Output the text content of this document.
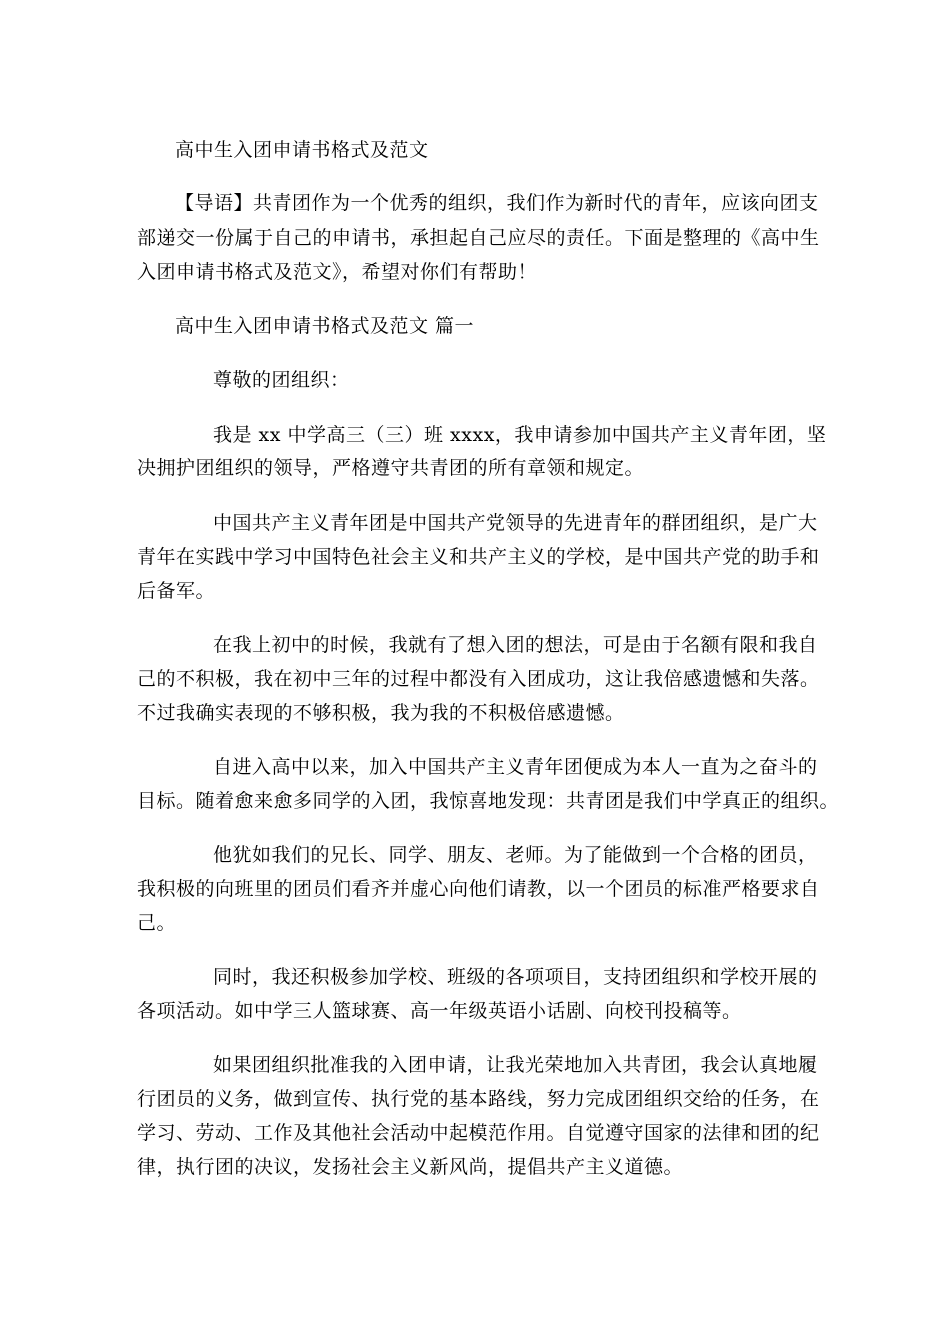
高中生入团申请书格式及范文
【导语】共青团作为一个优秀的组织，我们作为新时代的青年，应该向团支
部递交一份属于自己的申请书，承担起自己应尽的责任。下面是整理的《高中生
入团申请书格式及范文》，希望对你们有帮助！
高中生入团申请书格式及范文 篇一
尊敬的团组织：
我是 xx 中学高三（三）班 xxxx，我申请参加中国共产主义青年团，坚
决拥护团组织的领导，严格遵守共青团的所有章领和规定。
中国共产主义青年团是中国共产党领导的先进青年的群团组织，是广大
青年在实践中学习中国特色社会主义和共产主义的学校，是中国共产党的助手和
后备军。
在我上初中的时候，我就有了想入团的想法，可是由于名额有限和我自
己的不积极，我在初中三年的过程中都没有入团成功，这让我倍感遗憾和失落。
不过我确实表现的不够积极，我为我的不积极倍感遗憾。
自进入高中以来，加入中国共产主义青年团便成为本人一直为之奋斗的
目标。随着愈来愈多同学的入团，我惊喜地发现：共青团是我们中学真正的组织。
他犹如我们的兄长、同学、朋友、老师。为了能做到一个合格的团员，
我积极的向班里的团员们看齐并虚心向他们请教，以一个团员的标准严格要求自
己。
同时，我还积极参加学校、班级的各项项目，支持团组织和学校开展的
各项活动。如中学三人篮球赛、高一年级英语小话剧、向校刊投稿等。
如果团组织批准我的入团申请，让我光荣地加入共青团，我会认真地履
行团员的义务，做到宣传、执行党的基本路线，努力完成团组织交给的任务，在
学习、劳动、工作及其他社会活动中起模范作用。自觉遵守国家的法律和团的纪
律，执行团的决议，发扬社会主义新风尚，提倡共产主义道德。
